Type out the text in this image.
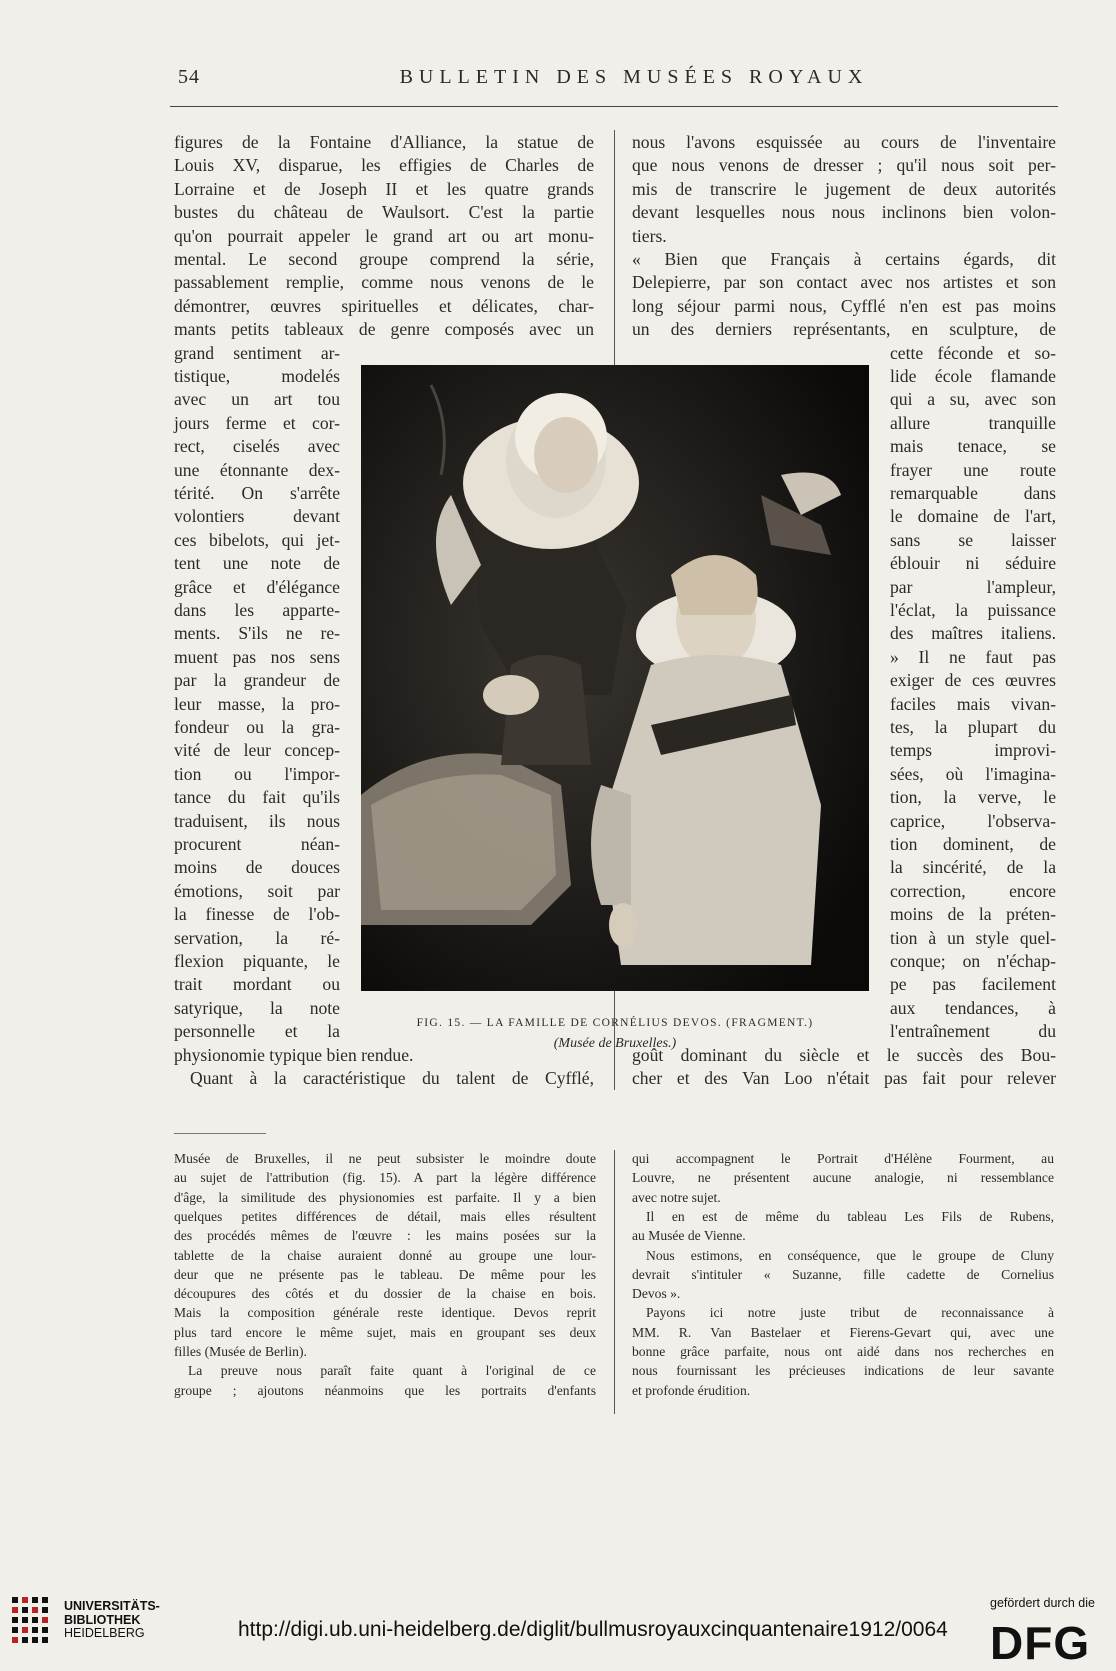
54	BULLETIN DES MUSÉES ROYAUX
figures de la Fontaine d'Alliance, la statue de
Louis XV, disparue, les effigies de Charles de
Lorraine et de Joseph II et les quatre grands
bustes du château de Waulsort. C'est la partie
qu'on pourrait appeler le grand art ou art monu-
mental. Le second groupe comprend la série,
passablement remplie, comme nous venons de le
démontrer, œuvres spirituelles et délicates, char-
mants petits tableaux de genre composés avec un
grand sentiment ar-
tistique, modelés
avec un art tou
jours ferme et cor-
rect, ciselés avec
une étonnante dex-
térité. On s'arrête
volontiers devant
ces bibelots, qui jet-
tent une note de
grâce et d'élégance
dans les apparte-
ments. S'ils ne re-
muent pas nos sens
par la grandeur de
leur masse, la pro-
fondeur ou la gra-
vité de leur concep-
tion ou l'impor-
tance du fait qu'ils
traduisent, ils nous
procurent néan-
moins de douces
émotions, soit par
la finesse de l'ob-
servation, la ré-
flexion piquante, le
trait mordant ou
satyrique, la note
personnelle et la
physionomie typique bien rendue.
Quant à la caractéristique du talent de Cyfflé,
nous l'avons esquissée au cours de l'inventaire
que nous venons de dresser ; qu'il nous soit per-
mis de transcrire le jugement de deux autorités
devant lesquelles nous nous inclinons bien volon-
tiers.
« Bien que Français à certains égards, dit
Delepierre, par son contact avec nos artistes et son
long séjour parmi nous, Cyfflé n'en est pas moins
un des derniers représentants, en sculpture, de
cette féconde et so-
lide école flamande
qui a su, avec son
allure tranquille
mais tenace, se
frayer une route
remarquable dans
le domaine de l'art,
sans se laisser
éblouir ni séduire
par l'ampleur,
l'éclat, la puissance
des maîtres italiens.
» Il ne faut pas
exiger de ces œuvres
faciles mais vivan-
tes, la plupart du
temps improvi-
sées, où l'imagina-
tion, la verve, le
caprice, l'observa-
tion dominent, de
la sincérité, de la
correction, encore
moins de la préten-
tion à un style quel-
conque; on n'échap-
pe pas facilement
aux tendances, à
l'entraînement du
goût dominant du siècle et le succès des Bou-
cher et des Van Loo n'était pas fait pour relever
FIG. 15. — LA FAMILLE DE CORNÉLIUS DEVOS. (FRAGMENT.)
(Musée de Bruxelles.)
Musée de Bruxelles, il ne peut subsister le moindre doute
au sujet de l'attribution (fig. 15). A part la légère différence
d'âge, la similitude des physionomies est parfaite. Il y a bien
quelques petites différences de détail, mais elles résultent
des procédés mêmes de l'œuvre : les mains posées sur la
tablette de la chaise auraient donné au groupe une lour-
deur que ne présente pas le tableau. De même pour les
découpures des côtés et du dossier de la chaise en bois.
Mais la composition générale reste identique. Devos reprit
plus tard encore le même sujet, mais en groupant ses deux
filles (Musée de Berlin).
La preuve nous paraît faite quant à l'original de ce
groupe ; ajoutons néanmoins que les portraits d'enfants
qui accompagnent le Portrait d'Hélène Fourment, au
Louvre, ne présentent aucune analogie, ni ressemblance
avec notre sujet.
Il en est de même du tableau Les Fils de Rubens,
au Musée de Vienne.
Nous estimons, en conséquence, que le groupe de Cluny
devrait s'intituler « Suzanne, fille cadette de Cornelius
Devos ».
Payons ici notre juste tribut de reconnaissance à
MM. R. Van Bastelaer et Fierens-Gevart qui, avec une
bonne grâce parfaite, nous ont aidé dans nos recherches en
nous fournissant les précieuses indications de leur savante
et profonde érudition.
UNIVERSITÄTS-
BIBLIOTHEK
HEIDELBERG	http://digi.ub.uni-heidelberg.de/diglit/bullmusroyauxcinquantenaire1912/0064
gefördert durch die
DFG
